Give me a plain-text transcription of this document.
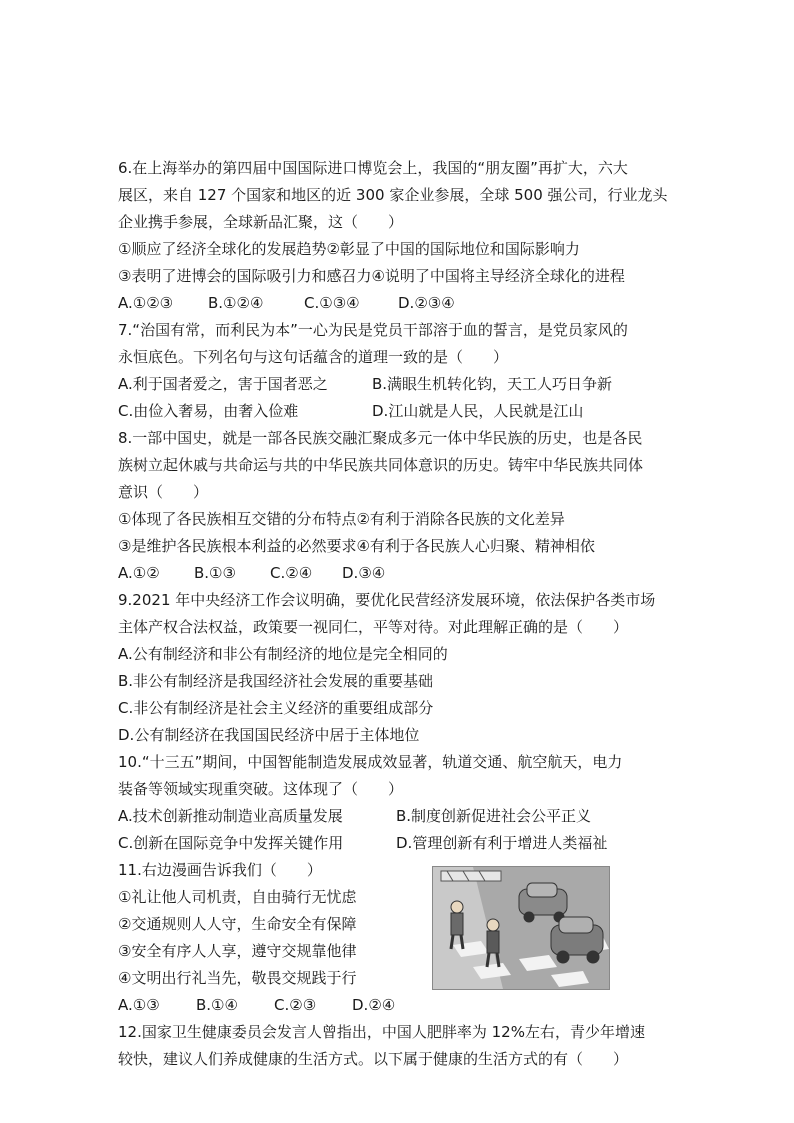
6.在上海举办的第四届中国国际进口博览会上，我国的“朋友圈”再扩大，六大
展区，来自 127 个国家和地区的近 300 家企业参展，全球 500 强公司，行业龙头
企业携手参展，全球新品汇聚，这（　　）
①顺应了经济全球化的发展趋势②彰显了中国的国际地位和国际影响力
③表明了进博会的国际吸引力和感召力④说明了中国将主导经济全球化的进程
A.①②③ B.①②④	C.①③④	D.②③④
7.“治国有常，而利民为本”一心为民是党员干部溶于血的誓言，是党员家风的
永恒底色。下列名句与这句话蕴含的道理一致的是（　　）
A.利于国者爱之，害于国者恶之	B.满眼生机转化钧，天工人巧日争新
C.由俭入奢易，由奢入俭难	D.江山就是人民，人民就是江山
8.一部中国史，就是一部各民族交融汇聚成多元一体中华民族的历史，也是各民
族树立起休戚与共命运与共的中华民族共同体意识的历史。铸牢中华民族共同体
意识（　　）
①体现了各民族相互交错的分布特点②有利于消除各民族的文化差异
③是维护各民族根本利益的必然要求④有利于各民族人心归聚、精神相依
A.①② B.①③ C.②④ D.③④
9.2021 年中央经济工作会议明确，要优化民营经济发展环境，依法保护各类市场
主体产权合法权益，政策要一视同仁，平等对待。对此理解正确的是（　　）
A.公有制经济和非公有制经济的地位是完全相同的
B.非公有制经济是我国经济社会发展的重要基础
C.非公有制经济是社会主义经济的重要组成部分
D.公有制经济在我国国民经济中居于主体地位
10.“十三五”期间，中国智能制造发展成效显著，轨道交通、航空航天，电力
装备等领域实现重突破。这体现了（　　）
A.技术创新推动制造业高质量发展	B.制度创新促进社会公平正义
C.创新在国际竞争中发挥关键作用	D.管理创新有利于增进人类福祉
11.右边漫画告诉我们（　　）
①礼让他人司机责，自由骑行无忧虑
②交通规则人人守，生命安全有保障
③安全有序人人享，遵守交规靠他律
④文明出行礼当先，敬畏交规践于行
A.①③ B.①④ C.②③ D.②④
12.国家卫生健康委员会发言人曾指出，中国人肥胖率为 12%左右，青少年增速
较快，建议人们养成健康的生活方式。以下属于健康的生活方式的有（　　）
